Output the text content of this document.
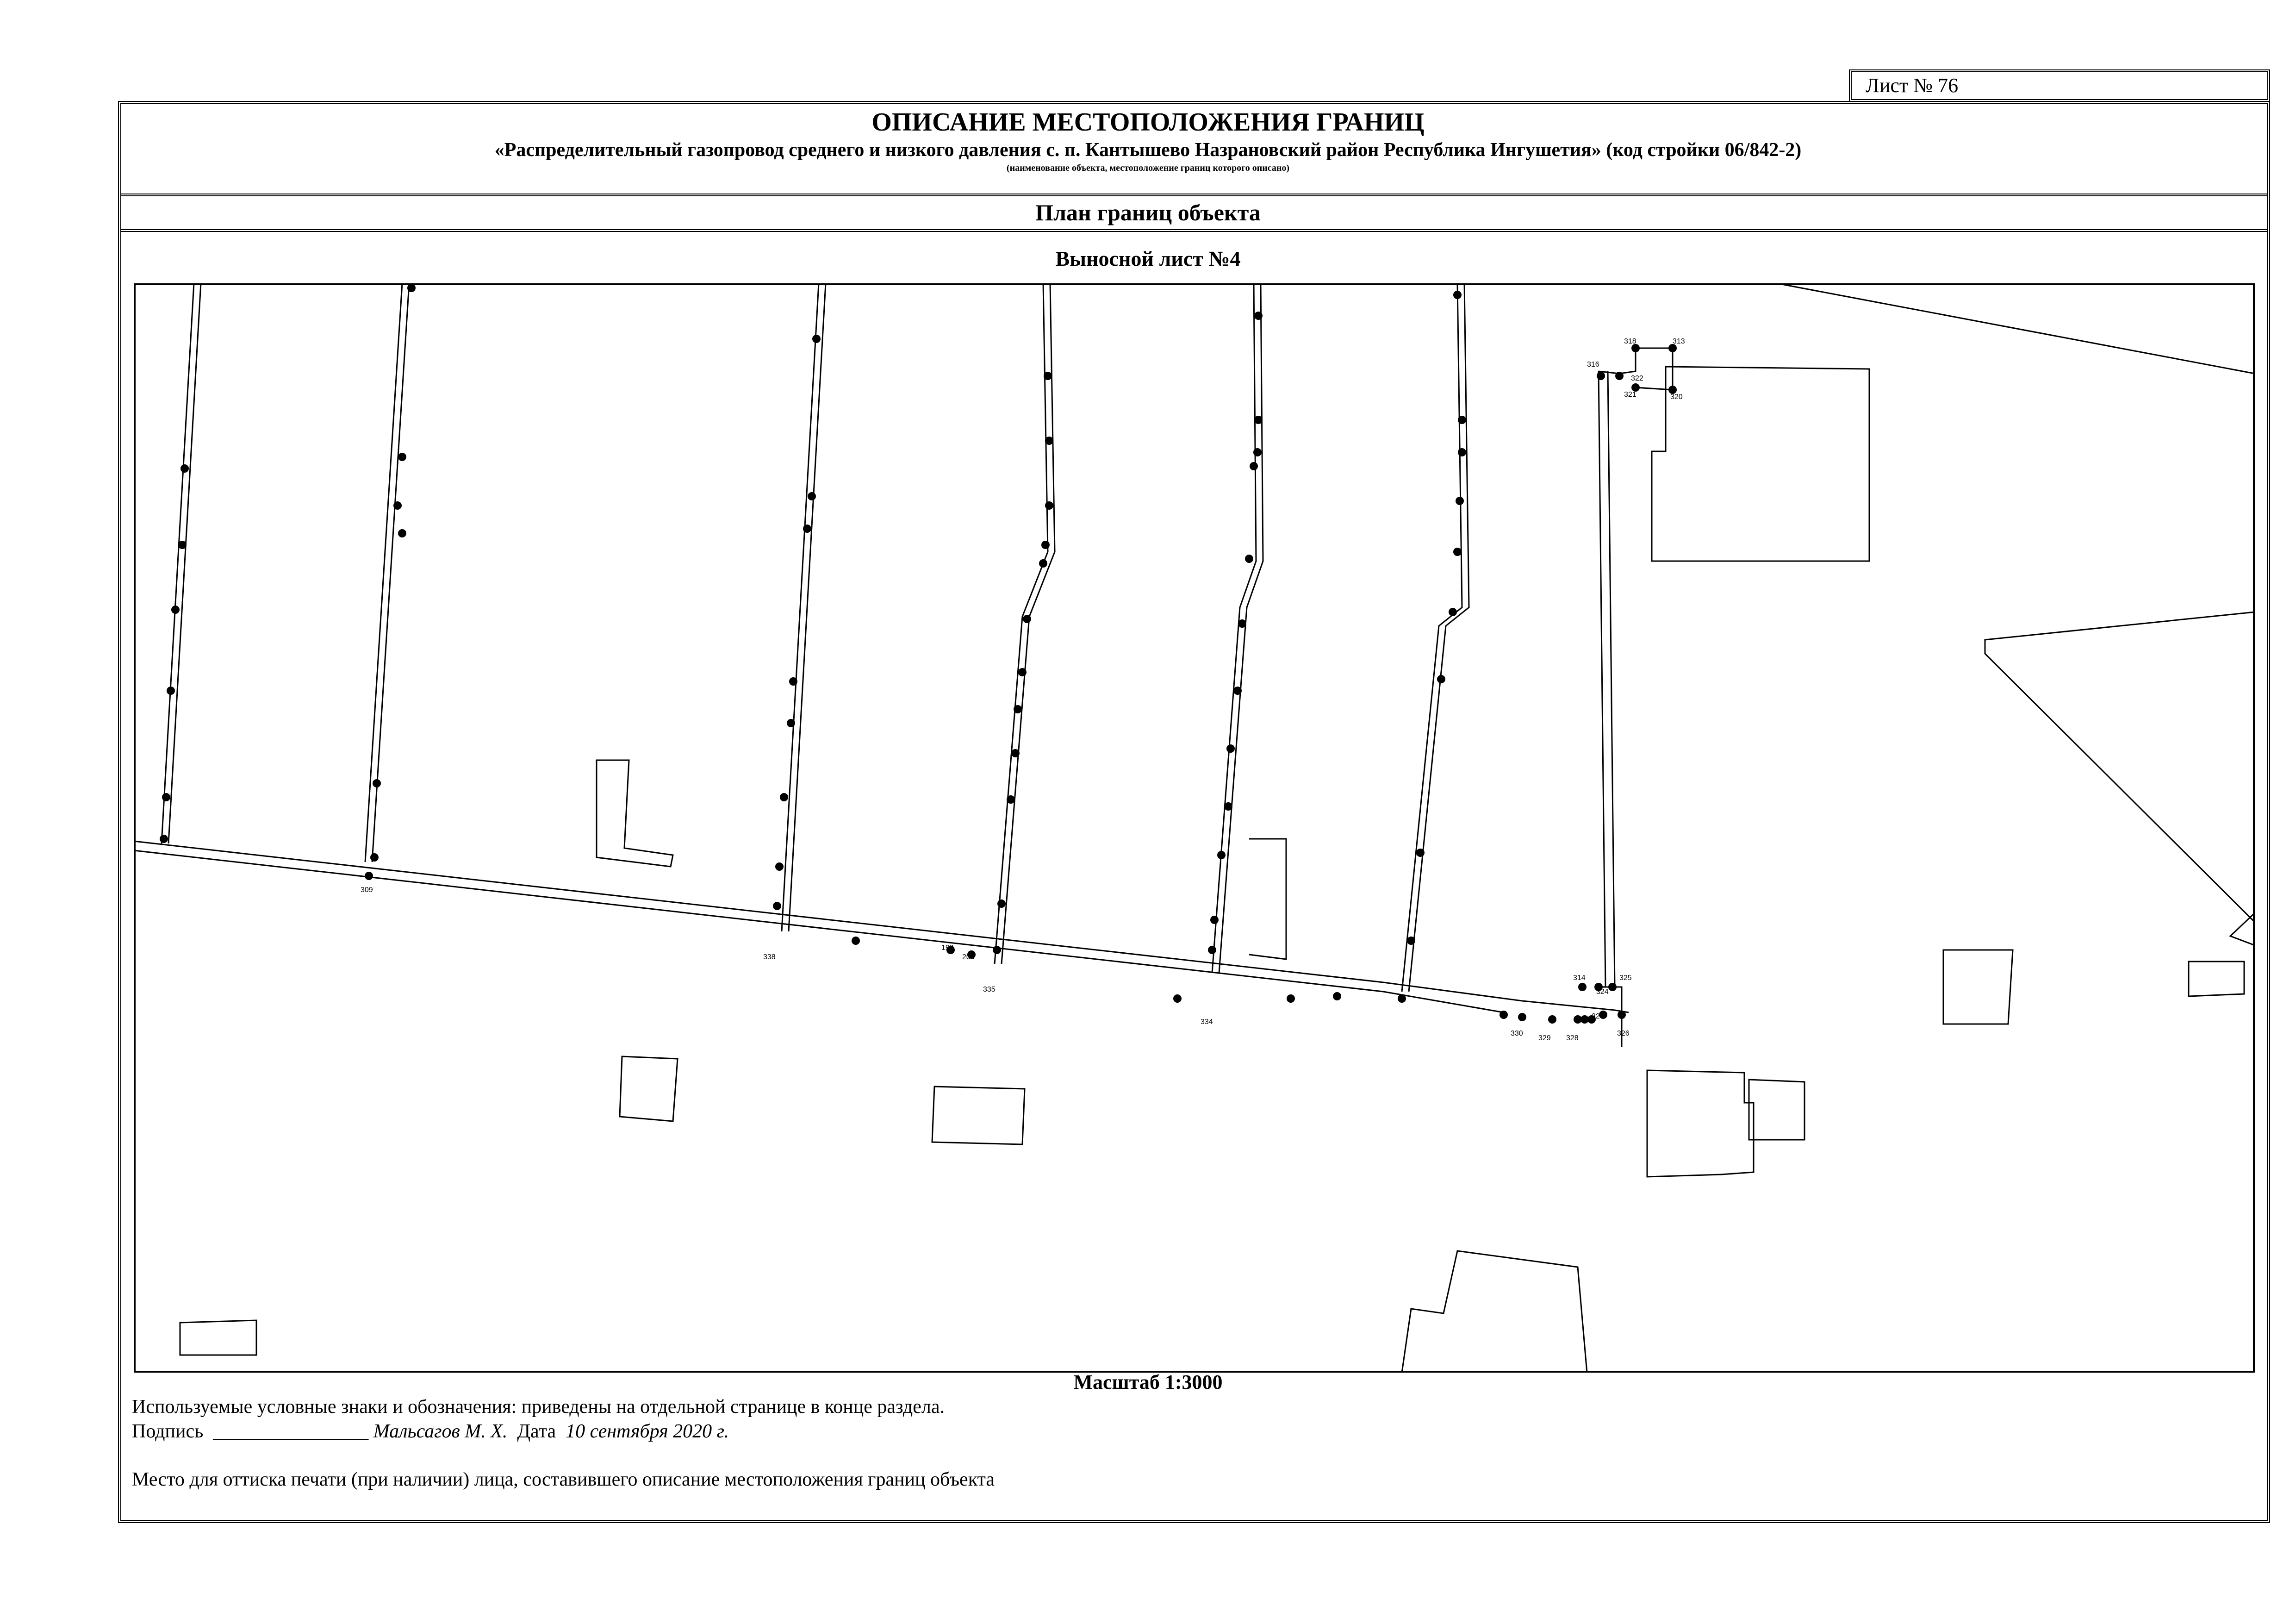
Лист № 76
ОПИСАНИЕ МЕСТОПОЛОЖЕНИЯ ГРАНИЦ
«Распределительный газопровод среднего и низкого давления с. п. Кантышево Назрановский район Республика Ингушетия» (код стройки 06/842-2)
(наименование объекта, местоположение границ которого описано)
План границ объекта
Выносной лист №4
309
338
335
334
330
329 328
326
325
314
324
327
313
318
320
321
322
316
199
200
Масштаб 1:3000
Используемые условные знаки и обозначения: приведены на отдельной странице в конце раздела.
Подпись ________________ Мальсагов М. Х. Дата 10 сентября 2020 г.
Место для оттиска печати (при наличии) лица, составившего описание местоположения границ объекта
